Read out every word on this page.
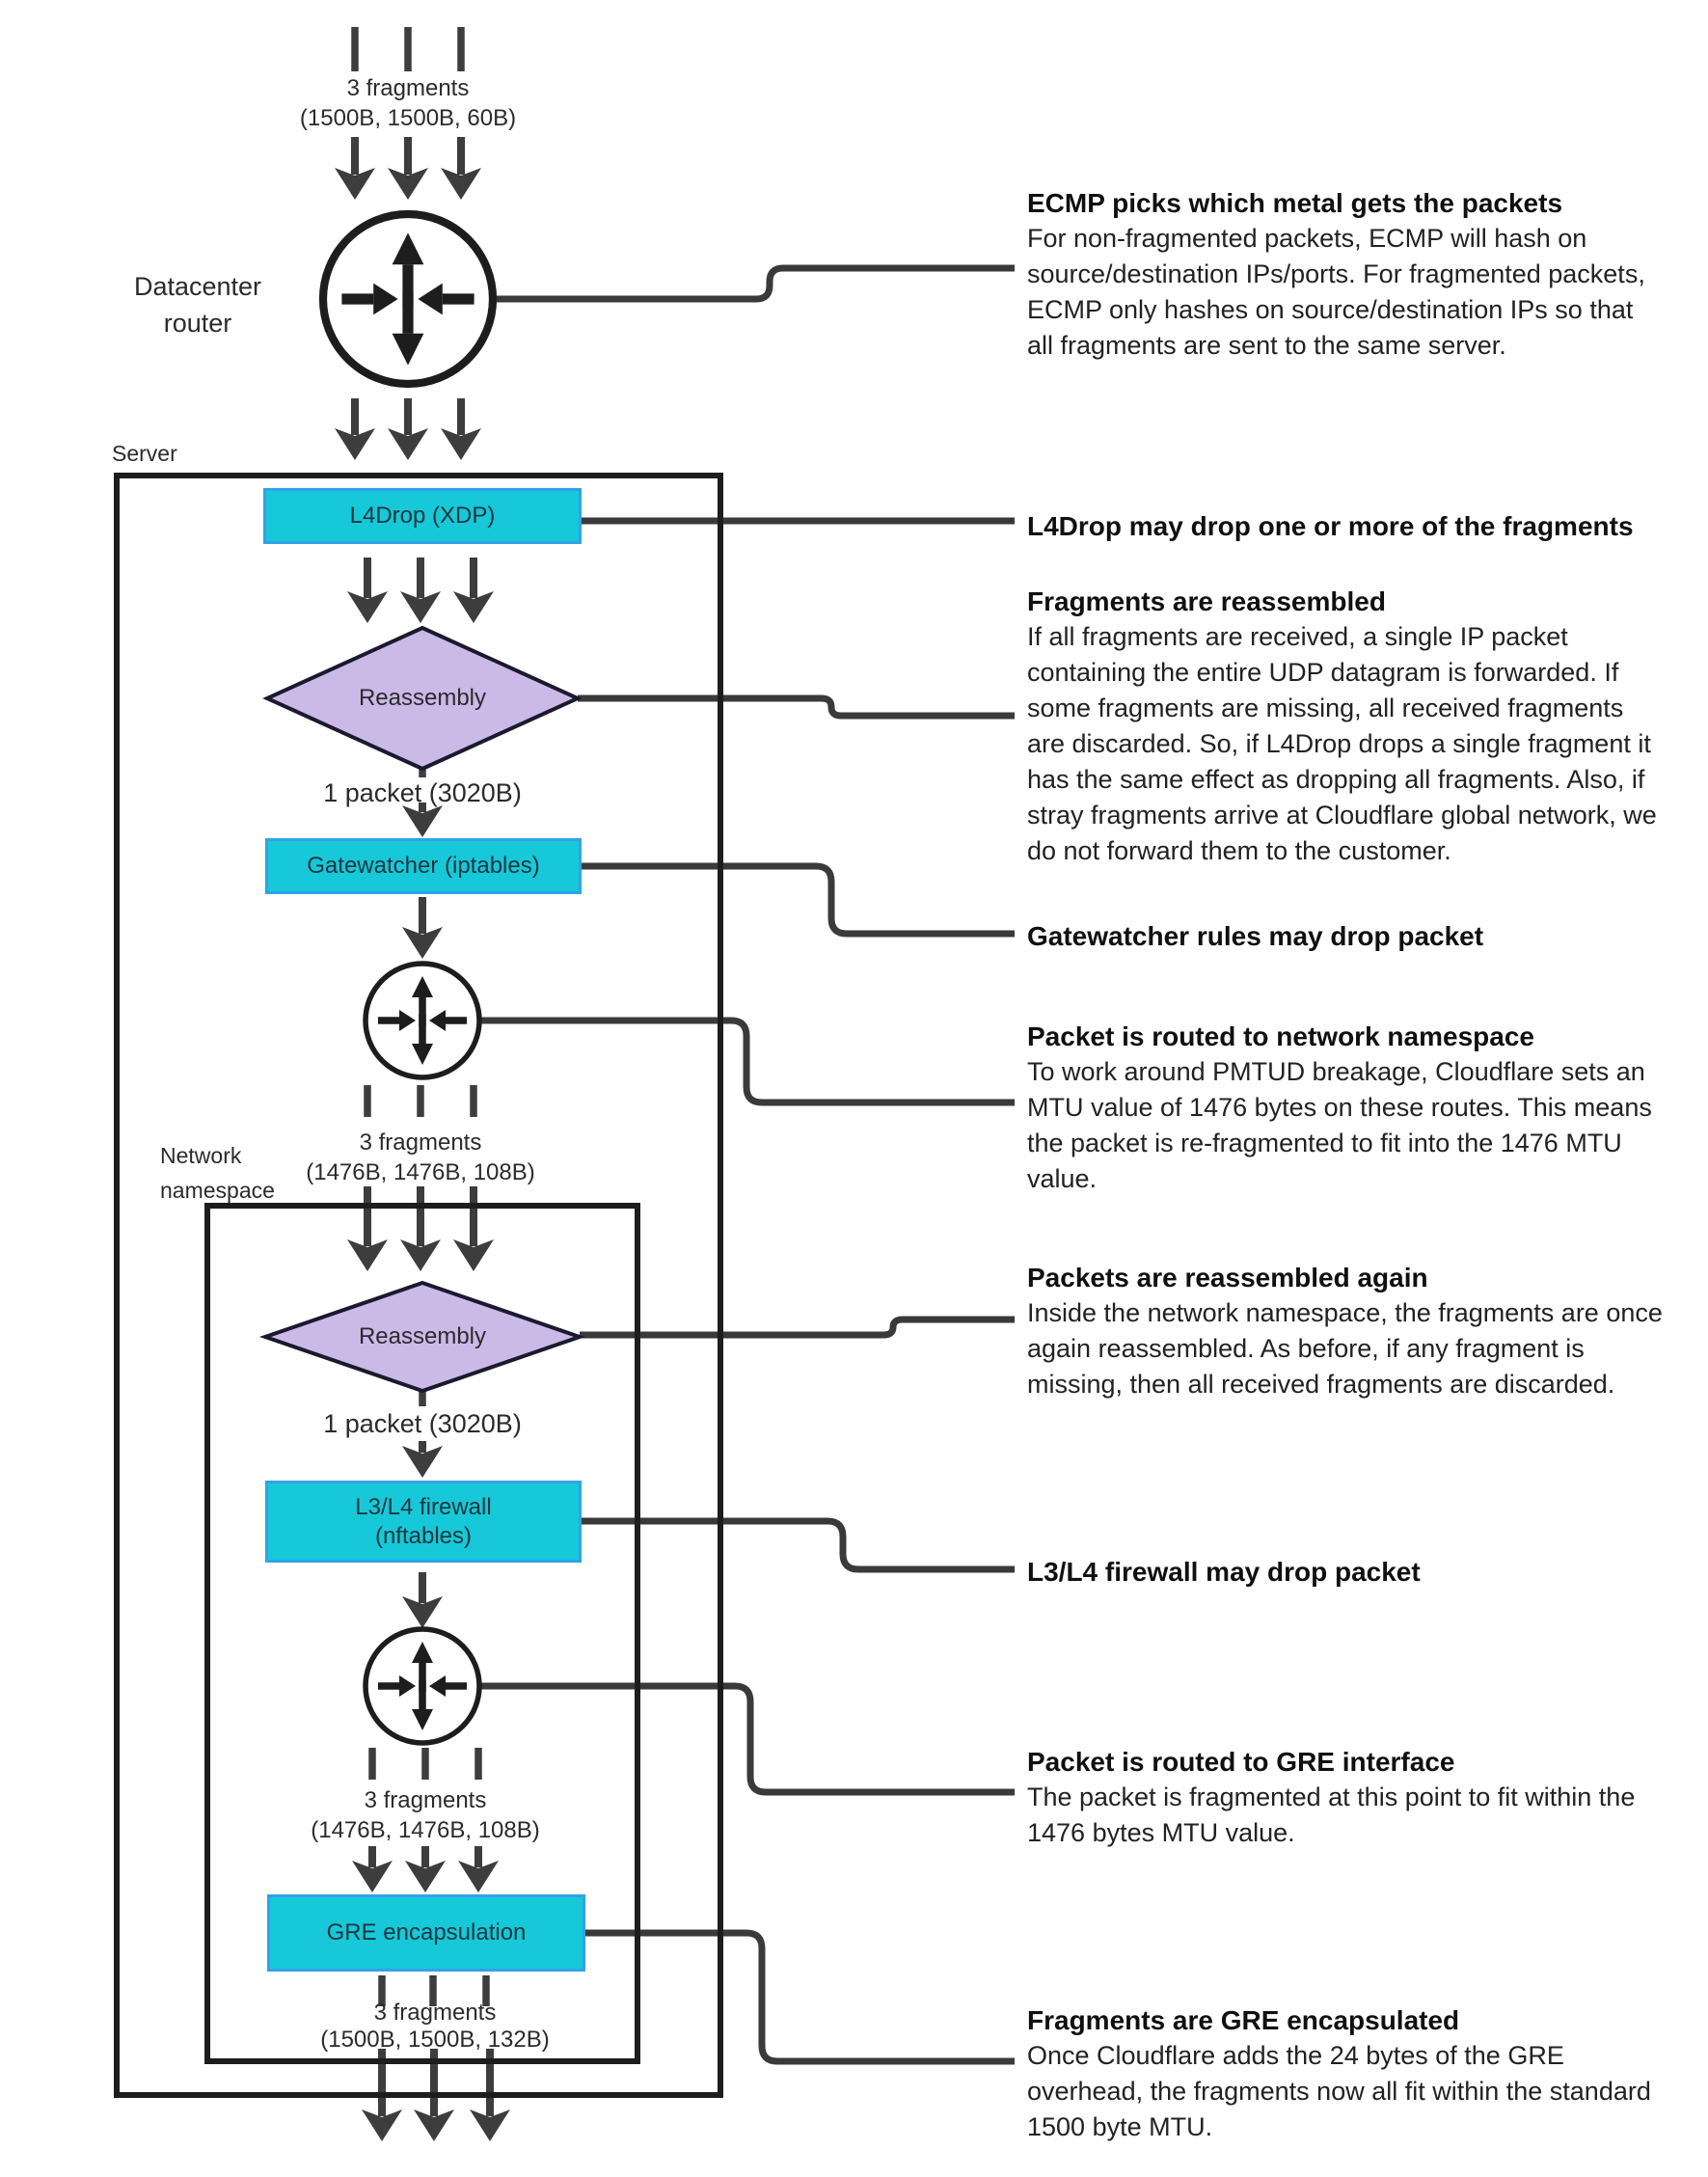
Server
Network
namespace
Datacenter
router
3 fragments
(1500B, 1500B, 60B)
L4Drop (XDP)
Gatewatcher (iptables)
L3/L4 firewall
(nftables)
GRE encapsulation
Reassembly
Reassembly
1 packet (3020B)
1 packet (3020B)
3 fragments
(1476B, 1476B, 108B)
3 fragments
(1476B, 1476B, 108B)
3 fragments
(1500B, 1500B, 132B)
ECMP picks which metal gets the packets
For non-fragmented packets, ECMP will hash on source/destination IPs/ports. For fragmented packets, ECMP only hashes on source/destination IPs so that all fragments are sent to the same server.
L4Drop may drop one or more of the fragments
Fragments are reassembled
If all fragments are received, a single IP packet containing the entire UDP datagram is forwarded. If some fragments are missing, all received fragments are discarded. So, if L4Drop drops a single fragment it has the same effect as dropping all fragments. Also, if stray fragments arrive at Cloudflare global network, we do not forward them to the customer.
Gatewatcher rules may drop packet
Packet is routed to network namespace
To work around PMTUD breakage, Cloudflare sets an MTU value of 1476 bytes on these routes. This means the packet is re-fragmented to fit into the 1476 MTU value.
Packets are reassembled again
Inside the network namespace, the fragments are once again reassembled. As before, if any fragment is missing, then all received fragments are discarded.
L3/L4 firewall may drop packet
Packet is routed to GRE interface
The packet is fragmented at this point to fit within the 1476 bytes MTU value.
Fragments are GRE encapsulated
Once Cloudflare adds the 24 bytes of the GRE overhead, the fragments now all fit within the standard 1500 byte MTU.
